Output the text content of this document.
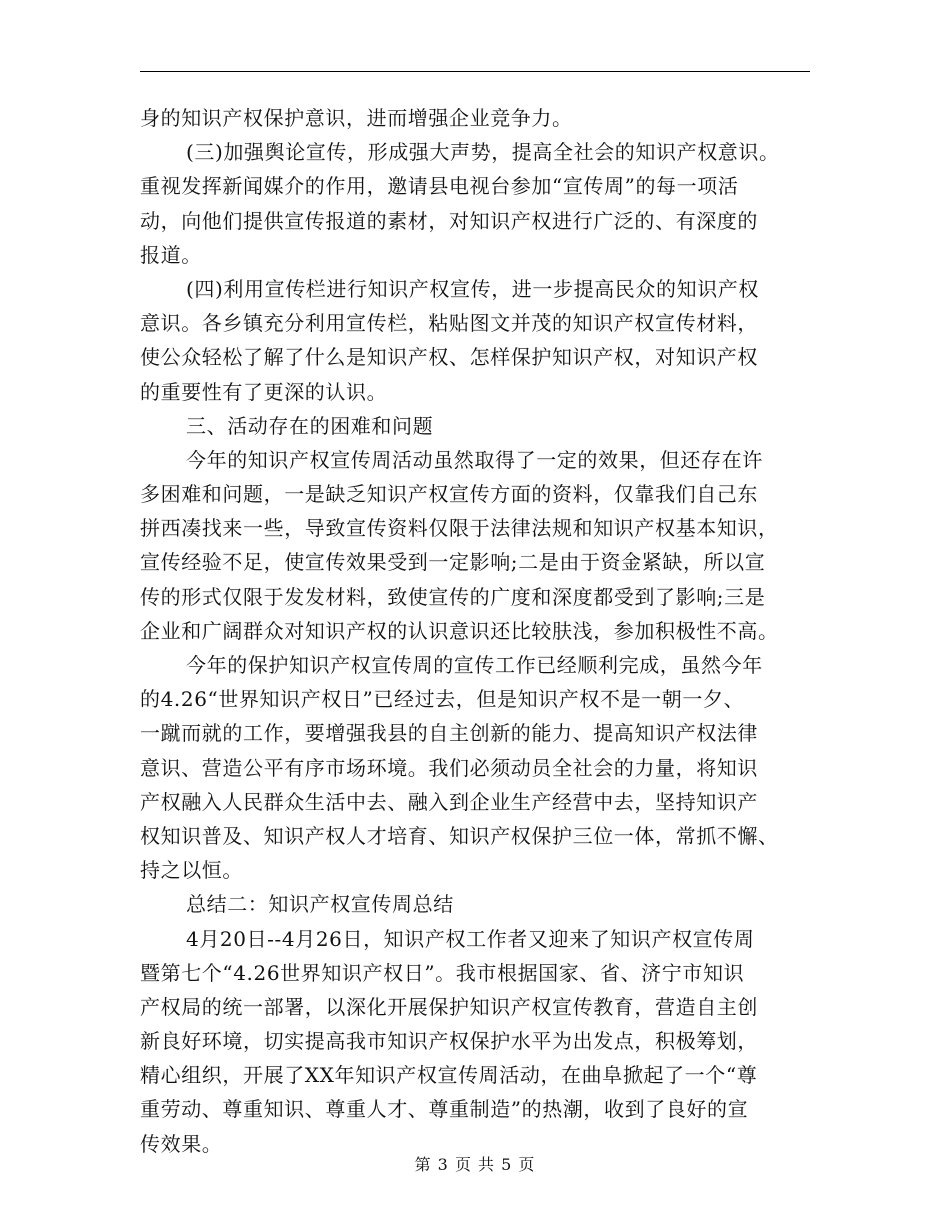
身的知识产权保护意识，进而增强企业竞争力。
(三)加强舆论宣传，形成强大声势，提高全社会的知识产权意识。
重视发挥新闻媒介的作用，邀请县电视台参加“宣传周”的每一项活
动，向他们提供宣传报道的素材，对知识产权进行广泛的、有深度的
报道。
(四)利用宣传栏进行知识产权宣传，进一步提高民众的知识产权
意识。各乡镇充分利用宣传栏，粘贴图文并茂的知识产权宣传材料，
使公众轻松了解了什么是知识产权、怎样保护知识产权，对知识产权
的重要性有了更深的认识。
三、活动存在的困难和问题
今年的知识产权宣传周活动虽然取得了一定的效果，但还存在许
多困难和问题，一是缺乏知识产权宣传方面的资料，仅靠我们自己东
拼西凑找来一些，导致宣传资料仅限于法律法规和知识产权基本知识，
宣传经验不足，使宣传效果受到一定影响;二是由于资金紧缺，所以宣
传的形式仅限于发发材料，致使宣传的广度和深度都受到了影响;三是
企业和广阔群众对知识产权的认识意识还比较肤浅，参加积极性不高。
今年的保护知识产权宣传周的宣传工作已经顺利完成，虽然今年
的4.26“世界知识产权日”已经过去，但是知识产权不是一朝一夕、
一蹴而就的工作，要增强我县的自主创新的能力、提高知识产权法律
意识、营造公平有序市场环境。我们必须动员全社会的力量，将知识
产权融入人民群众生活中去、融入到企业生产经营中去，坚持知识产
权知识普及、知识产权人才培育、知识产权保护三位一体，常抓不懈、
持之以恒。
总结二：知识产权宣传周总结
4月20日--4月26日，知识产权工作者又迎来了知识产权宣传周
暨第七个“4.26世界知识产权日”。我市根据国家、省、济宁市知识
产权局的统一部署，以深化开展保护知识产权宣传教育，营造自主创
新良好环境，切实提高我市知识产权保护水平为出发点，积极筹划，
精心组织，开展了XX年知识产权宣传周活动，在曲阜掀起了一个“尊
重劳动、尊重知识、尊重人才、尊重制造”的热潮，收到了良好的宣
传效果。
第 3 页 共 5 页
